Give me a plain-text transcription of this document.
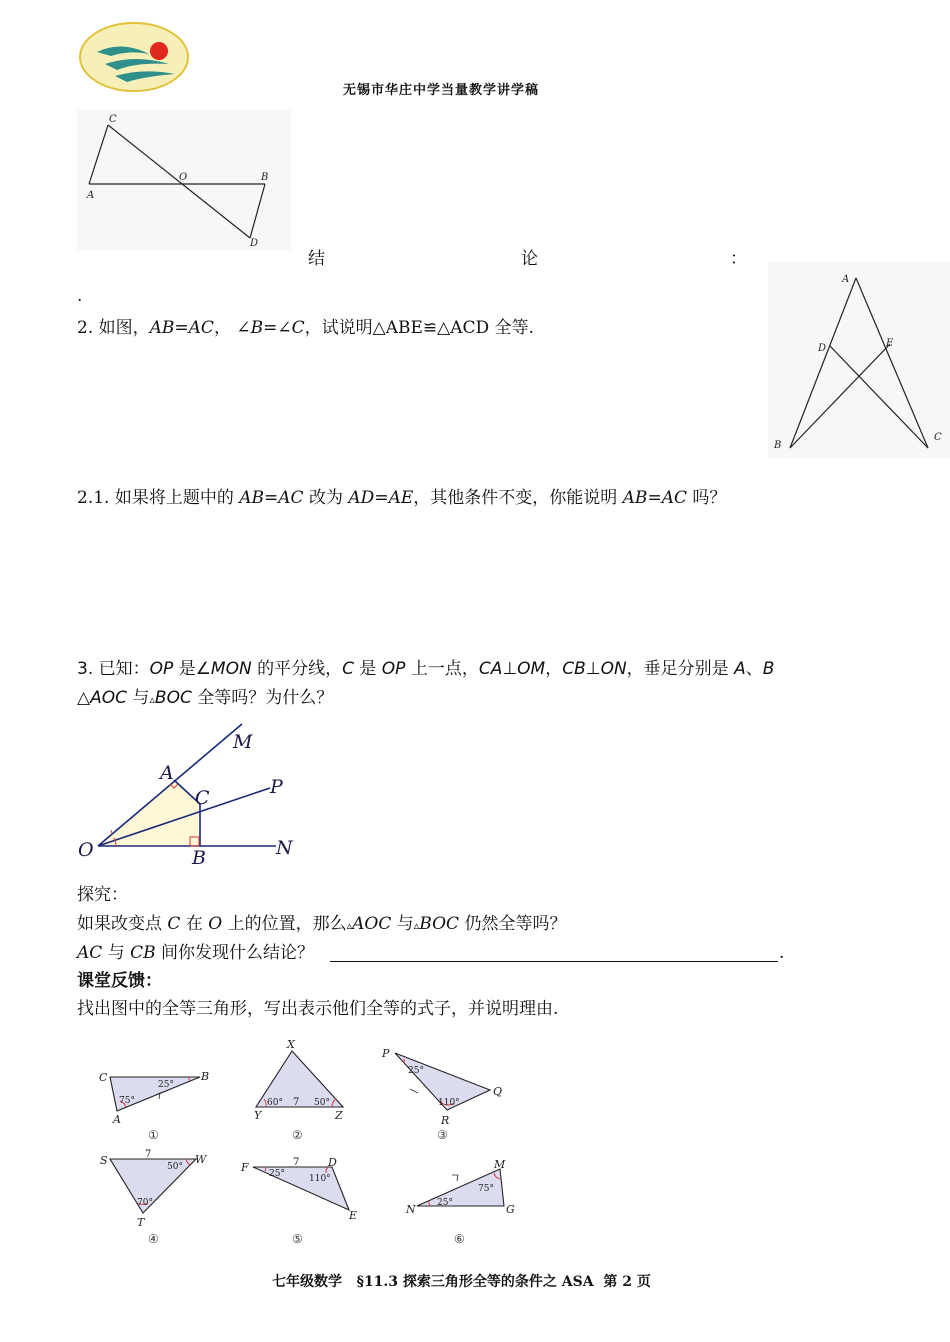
无锡市华庄中学当量教学讲学稿
C
O	B
A
D
结	论	：
.
A
D	E
B
C
2. 如图，AB=AC， ∠B=∠C，试说明△ABE≌△ACD 全等.
2.1. 如果将上题中的 AB=AC 改为 AD=AE，其他条件不变，你能说明 AB=AC 吗？
3. 已知：OP 是∠MON 的平分线，C 是 OP 上一点，CA⊥OM，CB⊥ON，垂足分别是 A、B
△AOC 与▵BOC 全等吗？为什么？
M
A
C	P
O	B	N
探究：
如果改变点 C 在 O 上的位置，那么▵AOC 与▵BOC 仍然全等吗？
AC 与 CB 间你发现什么结论？	.
课堂反馈：
找出图中的全等三角形，写出表示他们全等的式子，并说明理由.
C	B
A
X
Y	Z
P
Q
R
S	W
T
F	D
E
M
N	G
25°
75°	60°	50°
25°
110°
50°
70°
25°	110°
75°
25°
7
7
7
①	②	③
④	⑤	⑥
七年级数学   §11.3 探索三角形全等的条件之 ASA  第 2 页
